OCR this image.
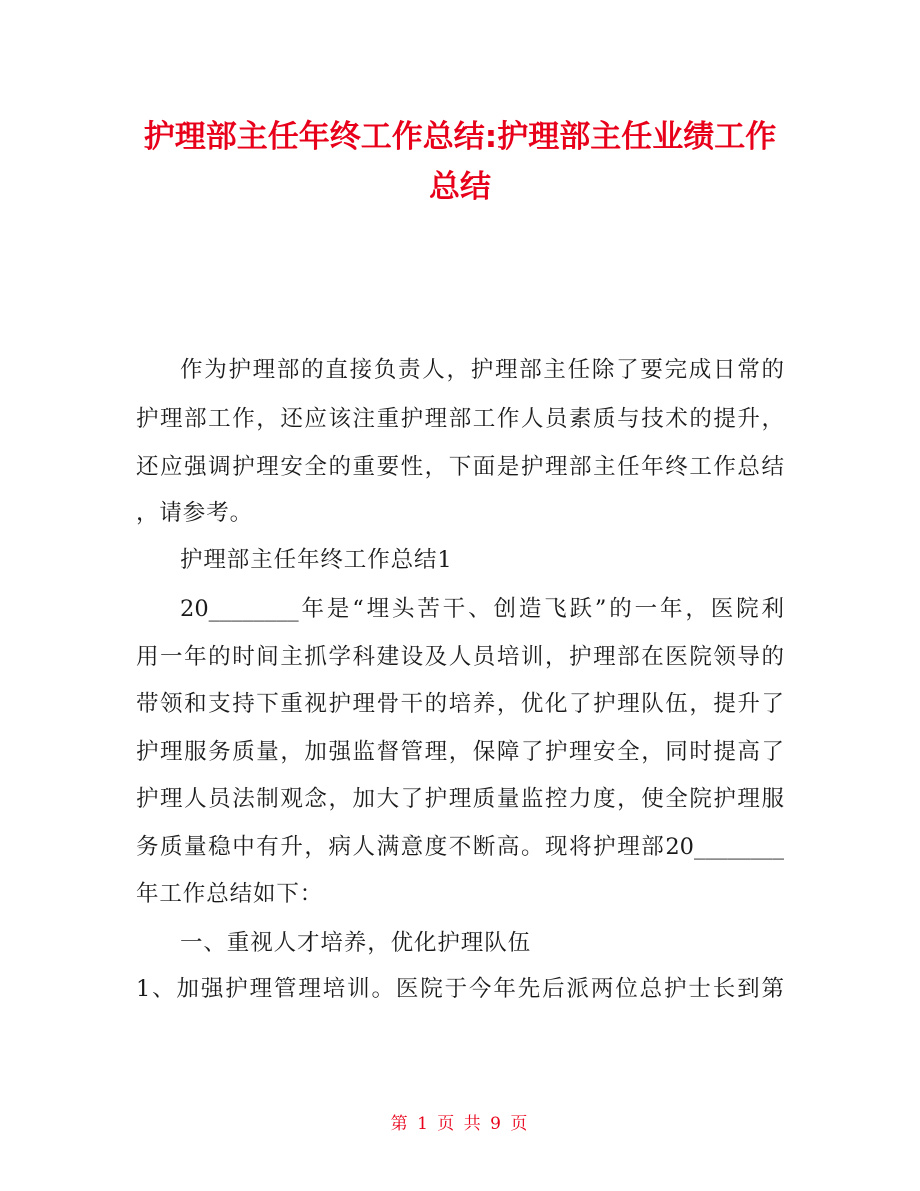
护理部主任年终工作总结:护理部主任业绩工作
总结
作为护理部的直接负责人，护理部主任除了要完成日常的
护理部工作，还应该注重护理部工作人员素质与技术的提升，
还应强调护理安全的重要性，下面是护理部主任年终工作总结
，请参考。
护理部主任年终工作总结1
20________年是“埋头苦干、创造飞跃”的一年，医院利
用一年的时间主抓学科建设及人员培训，护理部在医院领导的
带领和支持下重视护理骨干的培养，优化了护理队伍，提升了
护理服务质量，加强监督管理，保障了护理安全，同时提高了
护理人员法制观念，加大了护理质量监控力度，使全院护理服
务质量稳中有升，病人满意度不断高。现将护理部20________
年工作总结如下：
一、重视人才培养，优化护理队伍
1、加强护理管理培训。医院于今年先后派两位总护士长到第
第 1 页 共 9 页
